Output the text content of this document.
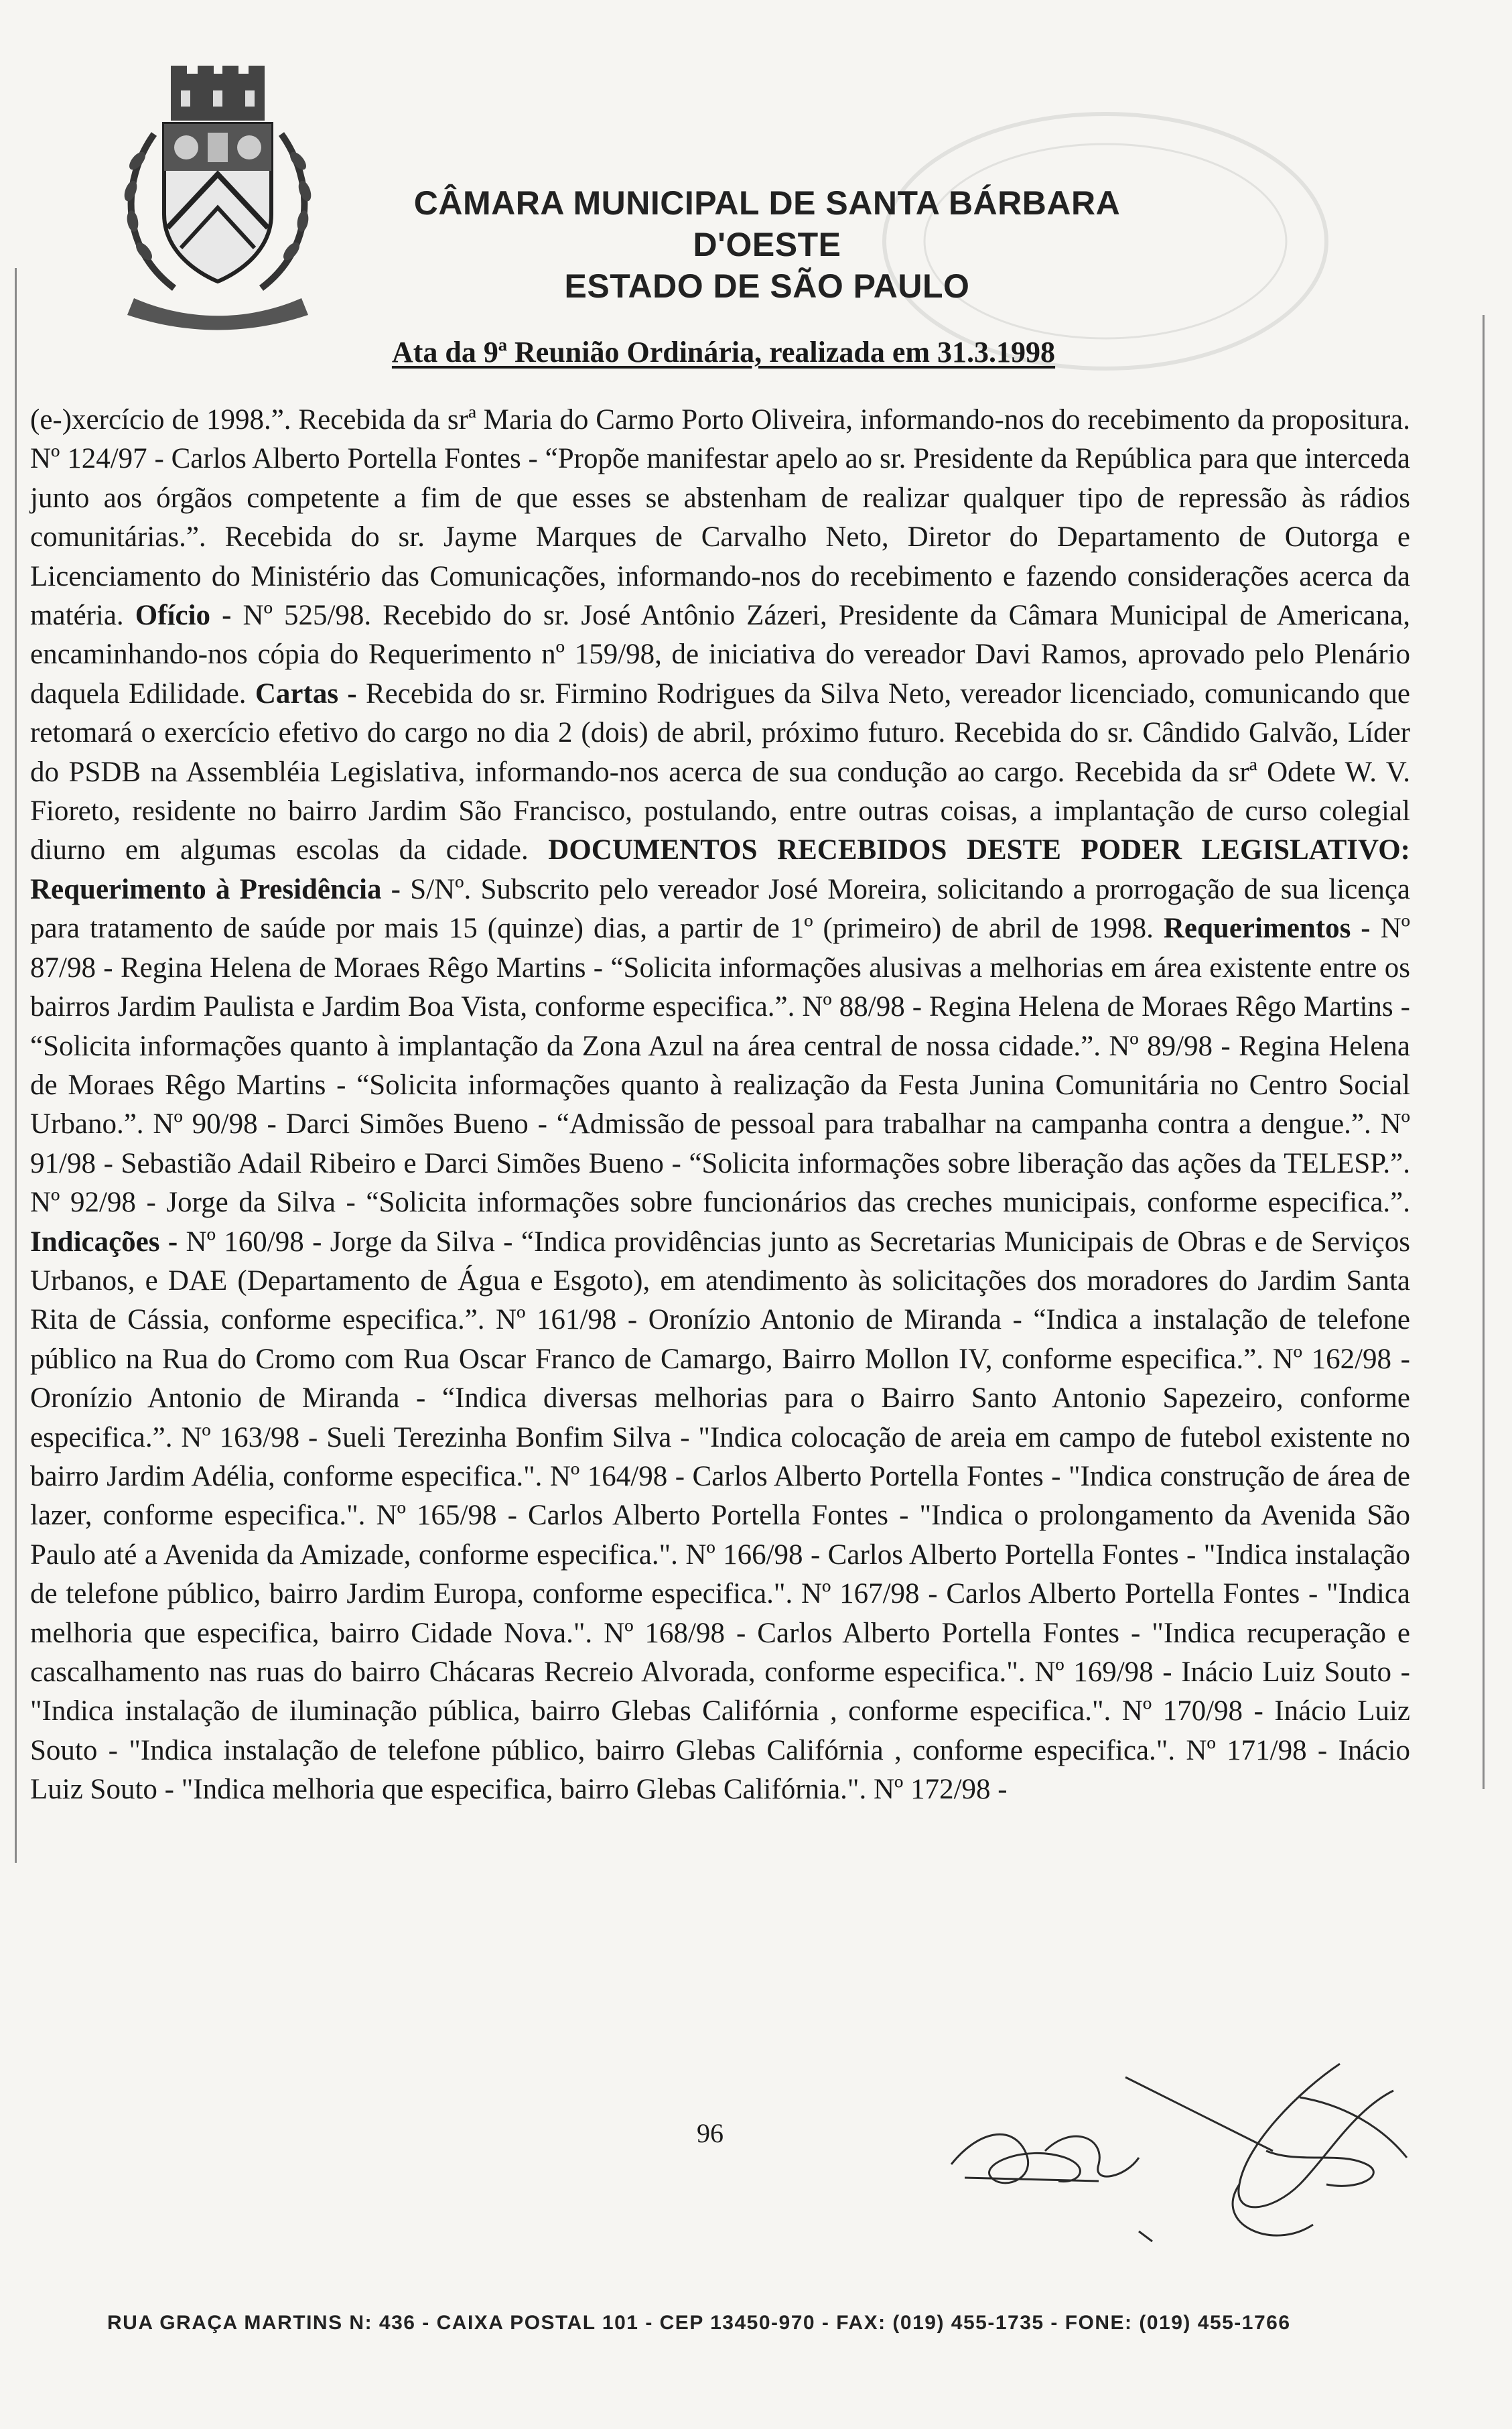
CÂMARA MUNICIPAL DE SANTA BÁRBARA D'OESTE
ESTADO DE SÃO PAULO
Ata da 9ª Reunião Ordinária, realizada em 31.3.1998
(e-)xercício de 1998.”. Recebida da srª Maria do Carmo Porto Oliveira, informando-nos do recebimento da propositura. Nº 124/97 - Carlos Alberto Portella Fontes - “Propõe manifestar apelo ao sr. Presidente da República para que interceda junto aos órgãos competente a fim de que esses se abstenham de realizar qualquer tipo de repressão às rádios comunitárias.”. Recebida do sr. Jayme Marques de Carvalho Neto, Diretor do Departamento de Outorga e Licenciamento do Ministério das Comunicações, informando-nos do recebimento e fazendo considerações acerca da matéria. Ofício - Nº 525/98. Recebido do sr. José Antônio Zázeri, Presidente da Câmara Municipal de Americana, encaminhando-nos cópia do Requerimento nº 159/98, de iniciativa do vereador Davi Ramos, aprovado pelo Plenário daquela Edilidade. Cartas - Recebida do sr. Firmino Rodrigues da Silva Neto, vereador licenciado, comunicando que retomará o exercício efetivo do cargo no dia 2 (dois) de abril, próximo futuro. Recebida do sr. Cândido Galvão, Líder do PSDB na Assembléia Legislativa, informando-nos acerca de sua condução ao cargo. Recebida da srª Odete W. V. Fioreto, residente no bairro Jardim São Francisco, postulando, entre outras coisas, a implantação de curso colegial diurno em algumas escolas da cidade. DOCUMENTOS RECEBIDOS DESTE PODER LEGISLATIVO: Requerimento à Presidência - S/Nº. Subscrito pelo vereador José Moreira, solicitando a prorrogação de sua licença para tratamento de saúde por mais 15 (quinze) dias, a partir de 1º (primeiro) de abril de 1998. Requerimentos - Nº 87/98 - Regina Helena de Moraes Rêgo Martins - “Solicita informações alusivas a melhorias em área existente entre os bairros Jardim Paulista e Jardim Boa Vista, conforme especifica.”. Nº 88/98 - Regina Helena de Moraes Rêgo Martins - “Solicita informações quanto à implantação da Zona Azul na área central de nossa cidade.”. Nº 89/98 - Regina Helena de Moraes Rêgo Martins - “Solicita informações quanto à realização da Festa Junina Comunitária no Centro Social Urbano.”. Nº 90/98 - Darci Simões Bueno - “Admissão de pessoal para trabalhar na campanha contra a dengue.”. Nº 91/98 - Sebastião Adail Ribeiro e Darci Simões Bueno - “Solicita informações sobre liberação das ações da TELESP.”. Nº 92/98 - Jorge da Silva - “Solicita informações sobre funcionários das creches municipais, conforme especifica.”. Indicações - Nº 160/98 - Jorge da Silva - “Indica providências junto as Secretarias Municipais de Obras e de Serviços Urbanos, e DAE (Departamento de Água e Esgoto), em atendimento às solicitações dos moradores do Jardim Santa Rita de Cássia, conforme especifica.”. Nº 161/98 - Oronízio Antonio de Miranda - “Indica a instalação de telefone público na Rua do Cromo com Rua Oscar Franco de Camargo, Bairro Mollon IV, conforme especifica.”. Nº 162/98 - Oronízio Antonio de Miranda - “Indica diversas melhorias para o Bairro Santo Antonio Sapezeiro, conforme especifica.”. Nº 163/98 - Sueli Terezinha Bonfim Silva - "Indica colocação de areia em campo de futebol existente no bairro Jardim Adélia, conforme especifica.". Nº 164/98 - Carlos Alberto Portella Fontes - "Indica construção de área de lazer, conforme especifica.". Nº 165/98 - Carlos Alberto Portella Fontes - "Indica o prolongamento da Avenida São Paulo até a Avenida da Amizade, conforme especifica.". Nº 166/98 - Carlos Alberto Portella Fontes - "Indica instalação de telefone público, bairro Jardim Europa, conforme especifica.". Nº 167/98 - Carlos Alberto Portella Fontes - "Indica melhoria que especifica, bairro Cidade Nova.". Nº 168/98 - Carlos Alberto Portella Fontes - "Indica recuperação e cascalhamento nas ruas do bairro Chácaras Recreio Alvorada, conforme especifica.". Nº 169/98 - Inácio Luiz Souto - "Indica instalação de iluminação pública, bairro Glebas Califórnia , conforme especifica.". Nº 170/98 - Inácio Luiz Souto - "Indica instalação de telefone público, bairro Glebas Califórnia , conforme especifica.". Nº 171/98 - Inácio Luiz Souto - "Indica melhoria que especifica, bairro Glebas Califórnia.". Nº 172/98 -
96
RUA GRAÇA MARTINS N: 436 - CAIXA POSTAL 101 - CEP 13450-970 - FAX: (019) 455-1735 - FONE: (019) 455-1766
